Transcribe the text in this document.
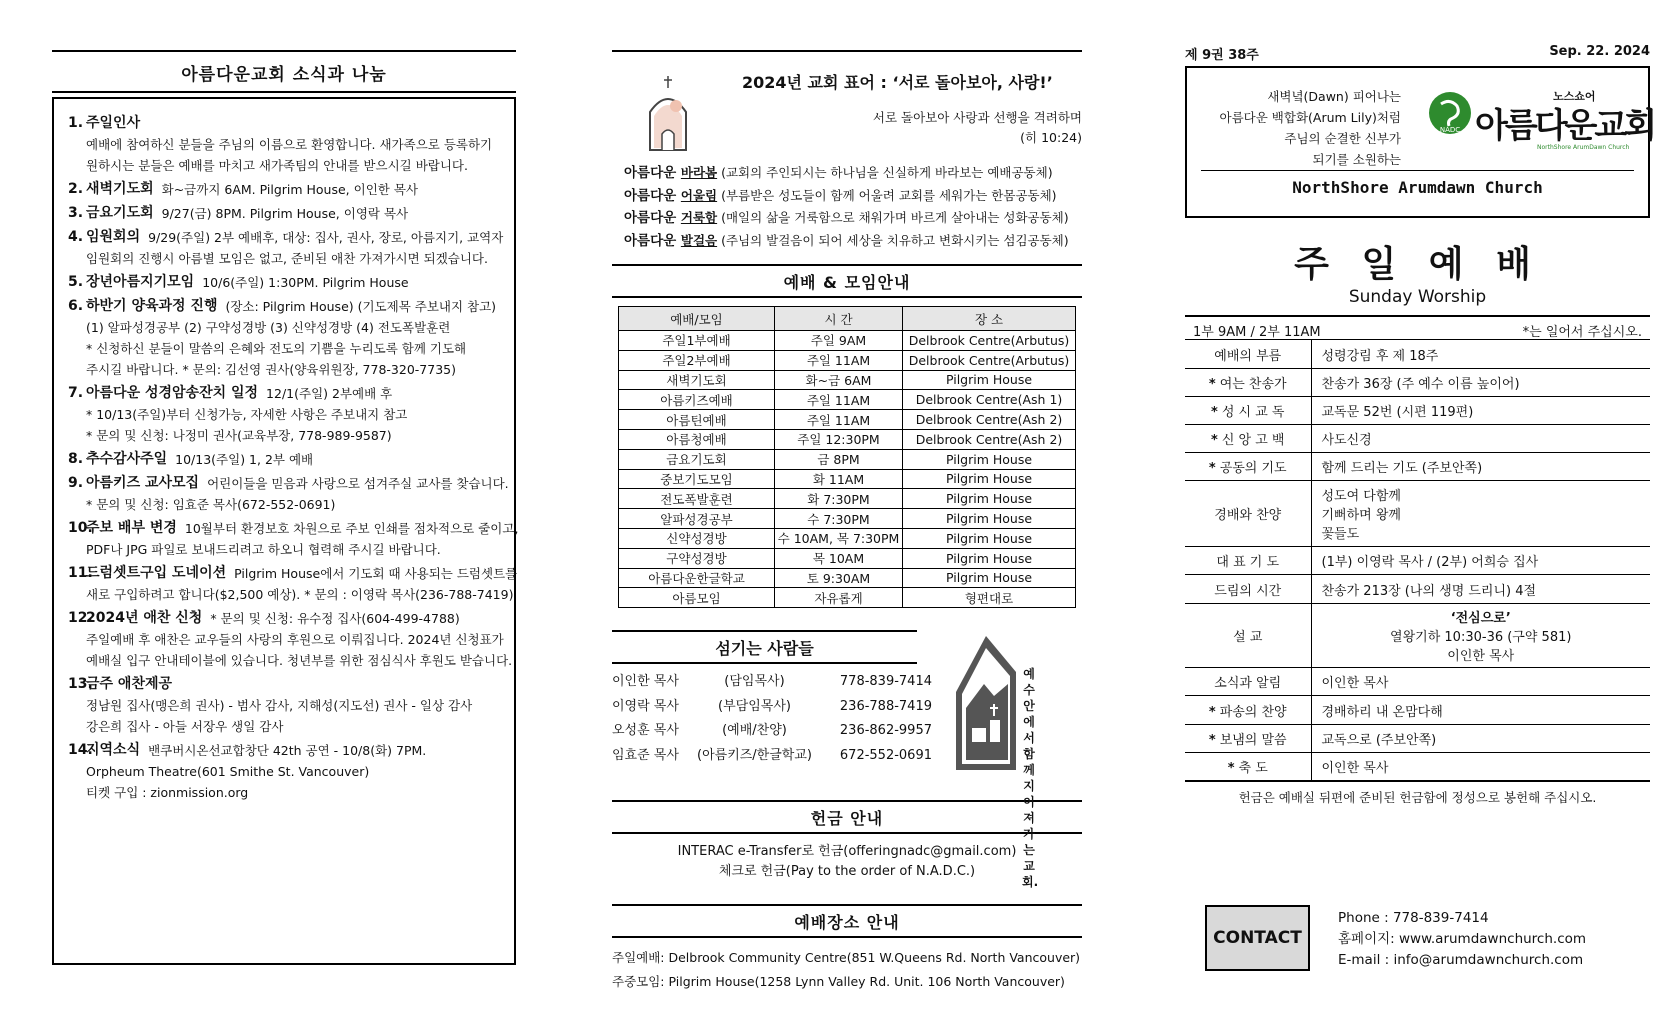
아름다운교회 소식과 나눔
1. 주일인사
예배에 참여하신 분들을 주님의 이름으로 환영합니다. 새가족으로 등록하기
원하시는 분들은 예배를 마치고 새가족팀의 안내를 받으시길 바랍니다.
2. 새벽기도회 화~금까지 6AM. Pilgrim House, 이인한 목사
3. 금요기도회 9/27(금) 8PM. Pilgrim House, 이영락 목사
4. 임원회의 9/29(주일) 2부 예배후, 대상: 집사, 권사, 장로, 아름지기, 교역자
임원회의 진행시 아름별 모임은 없고, 준비된 애찬 가져가시면 되겠습니다.
5. 장년아름지기모임 10/6(주일) 1:30PM. Pilgrim House
6. 하반기 양육과정 진행 (장소: Pilgrim House) (기도제목 주보내지 참고)
(1) 알파성경공부 (2) 구약성경방 (3) 신약성경방 (4) 전도폭발훈련
* 신청하신 분들이 말씀의 은혜와 전도의 기쁨을 누리도록 함께 기도해
주시길 바랍니다. * 문의: 김선영 권사(양육위원장, 778-320-7735)
7. 아름다운 성경암송잔치 일정 12/1(주일) 2부예배 후
* 10/13(주일)부터 신청가능, 자세한 사항은 주보내지 참고
* 문의 및 신청: 나정미 권사(교육부장, 778-989-9587)
8. 추수감사주일 10/13(주일) 1, 2부 예배
9. 아름키즈 교사모집 어린이들을 믿음과 사랑으로 섬겨주실 교사를 찾습니다.
* 문의 및 신청: 임효준 목사(672-552-0691)
10.
주보 배부 변경 10월부터 환경보호 차원으로 주보 인쇄를 점차적으로 줄이고,
PDF나 JPG 파일로 보내드리려고 하오니 협력해 주시길 바랍니다.
11.
드럼셋트구입 도네이션 Pilgrim House에서 기도회 때 사용되는 드럼셋트를
새로 구입하려고 합니다($2,500 예상). * 문의 : 이영락 목사(236-788-7419)
12.
2024년 애찬 신청 * 문의 및 신청: 유수정 집사(604-499-4788)
주일예배 후 애찬은 교우들의 사랑의 후원으로 이뤄집니다. 2024년 신청표가
예배실 입구 안내테이블에 있습니다. 청년부를 위한 점심식사 후원도 받습니다.
13.
금주 애찬제공
정남원 집사(맹은희 권사) - 범사 감사, 지해성(지도선) 권사 - 일상 감사
강은희 집사 - 아들 서장우 생일 감사
14.
지역소식 밴쿠버시온선교합창단 42th 공연 - 10/8(화) 7PM.
Orpheum Theatre(601 Smithe St. Vancouver)
티켓 구입 : zionmission.org
2024년 교회 표어 : ‘서로 돌아보아, 사랑!’
서로 돌아보아 사랑과 선행을 격려하며
(히 10:24)
아름다운 바라봄 (교회의 주인되시는 하나님을 신실하게 바라보는 예배공동체)
아름다운 어울림 (부름받은 성도들이 함께 어울려 교회를 세워가는 한몸공동체)
아름다운 거룩함 (매일의 삶을 거룩함으로 채워가며 바르게 살아내는 성화공동체)
아름다운 발걸음 (주님의 발걸음이 되어 세상을 치유하고 변화시키는 섬김공동체)
예배 & 모임안내
예배/모임	시 간	장 소
주일1부예배	주일 9AM	Delbrook Centre(Arbutus)
주일2부예배	주일 11AM	Delbrook Centre(Arbutus)
새벽기도회	화~금 6AM	Pilgrim House
아름키즈예배	주일 11AM	Delbrook Centre(Ash 1)
아름틴예배	주일 11AM	Delbrook Centre(Ash 2)
아름청예배	주일 12:30PM	Delbrook Centre(Ash 2)
금요기도회	금 8PM	Pilgrim House
중보기도모임	화 11AM	Pilgrim House
전도폭발훈련	화 7:30PM	Pilgrim House
알파성경공부	수 7:30PM	Pilgrim House
신약성경방	수 10AM, 목 7:30PM	Pilgrim House
구약성경방	목 10AM	Pilgrim House
아름다운한글학교	토 9:30AM	Pilgrim House
아름모임	자유롭게	형편대로
섬기는 사람들
이인한 목사	(담임목사)	778-839-7414
이영락 목사	(부담임목사)	236-788-7419
오성훈 목사	(예배/찬양)	236-862-9957
임효준 목사	(아름키즈/한글학교)	672-552-0691
예
수
안
에
서
함
께
지
어
져
가
는
교
회.
헌금 안내
INTERAC e-Transfer로 헌금(offeringnadc@gmail.com)
체크로 헌금(Pay to the order of N.A.D.C.)
예배장소 안내
주일예배: Delbrook Community Centre(851 W.Queens Rd. North Vancouver)
주중모임: Pilgrim House(1258 Lynn Valley Rd. Unit. 106 North Vancouver)
제 9권 38주	Sep. 22. 2024
새벽녘(Dawn) 피어나는
아름다운 백합화(Arum Lily)처럼
주님의 순결한 신부가
되기를 소원하는
NADC
노스쇼어
아름다운교회
NorthShore ArumDawn Church
NorthShore Arumdawn Church
주 일 예 배
Sunday Worship
1부 9AM / 2부 11AM	*는 일어서 주십시오.
예배의 부름	성령강림 후 제 18주

* 여는 찬송가	찬송가 36장 (주 예수 이름 높이어)

* 성 시 교 독	교독문 52번 (시편 119편)

* 신 앙 고 백	사도신경

* 공동의 기도	함께 드리는 기도 (주보안쪽)

경배와 찬양	성도여 다함께
기뻐하며 왕께
꽃들도

대 표 기 도	(1부) 이영락 목사 / (2부) 어희승 집사

드림의 시간	찬송가 213장 (나의 생명 드리니) 4절

설 교	‘전심으로’
열왕기하 10:30-36 (구약 581)
이인한 목사

소식과 알림	이인한 목사

* 파송의 찬양	경배하리 내 온맘다해

* 보냄의 말씀	교독으로 (주보안쪽)

* 축 도	이인한 목사
헌금은 예배실 뒤편에 준비된 헌금함에 정성으로 봉헌해 주십시오.
CONTACT
Phone : 778-839-7414
홈페이지: www.arumdawnchurch.com
E-mail : info@arumdawnchurch.com
